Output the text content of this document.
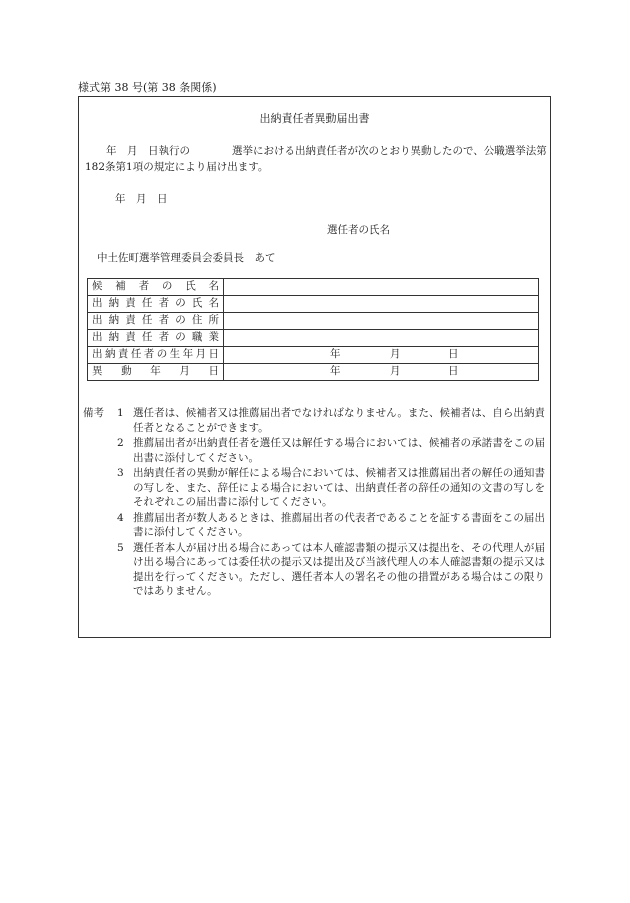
様式第 38 号(第 38 条関係)
出納責任者異動届出書
　　年　月　日執行の　　　　選挙における出納責任者が次のとおり異動したので、公職選挙法第182条第1項の規定により届け出ます。
年　月　日
選任者の氏名
中土佐町選挙管理委員会委員長　あて
候補者の氏名	
出納責任者の氏名	
出納責任者の住所	
出納責任者の職業	
出納責任者の生年月日	年 月 日

異動年月日	年 月 日
備考 1 選任者は、候補者又は推薦届出者でなければなりません。また、候補者は、自ら出納責任者となることができます。
2 推薦届出者が出納責任者を選任又は解任する場合においては、候補者の承諾書をこの届出書に添付してください。
3 出納責任者の異動が解任による場合においては、候補者又は推薦届出者の解任の通知書の写しを、また、辞任による場合においては、出納責任者の辞任の通知の文書の写しをそれぞれこの届出書に添付してください。
4 推薦届出者が数人あるときは、推薦届出者の代表者であることを証する書面をこの届出書に添付してください。
5 選任者本人が届け出る場合にあっては本人確認書類の提示又は提出を、その代理人が届け出る場合にあっては委任状の提示又は提出及び当該代理人の本人確認書類の提示又は提出を行ってください。ただし、選任者本人の署名その他の措置がある場合はこの限りではありません。
